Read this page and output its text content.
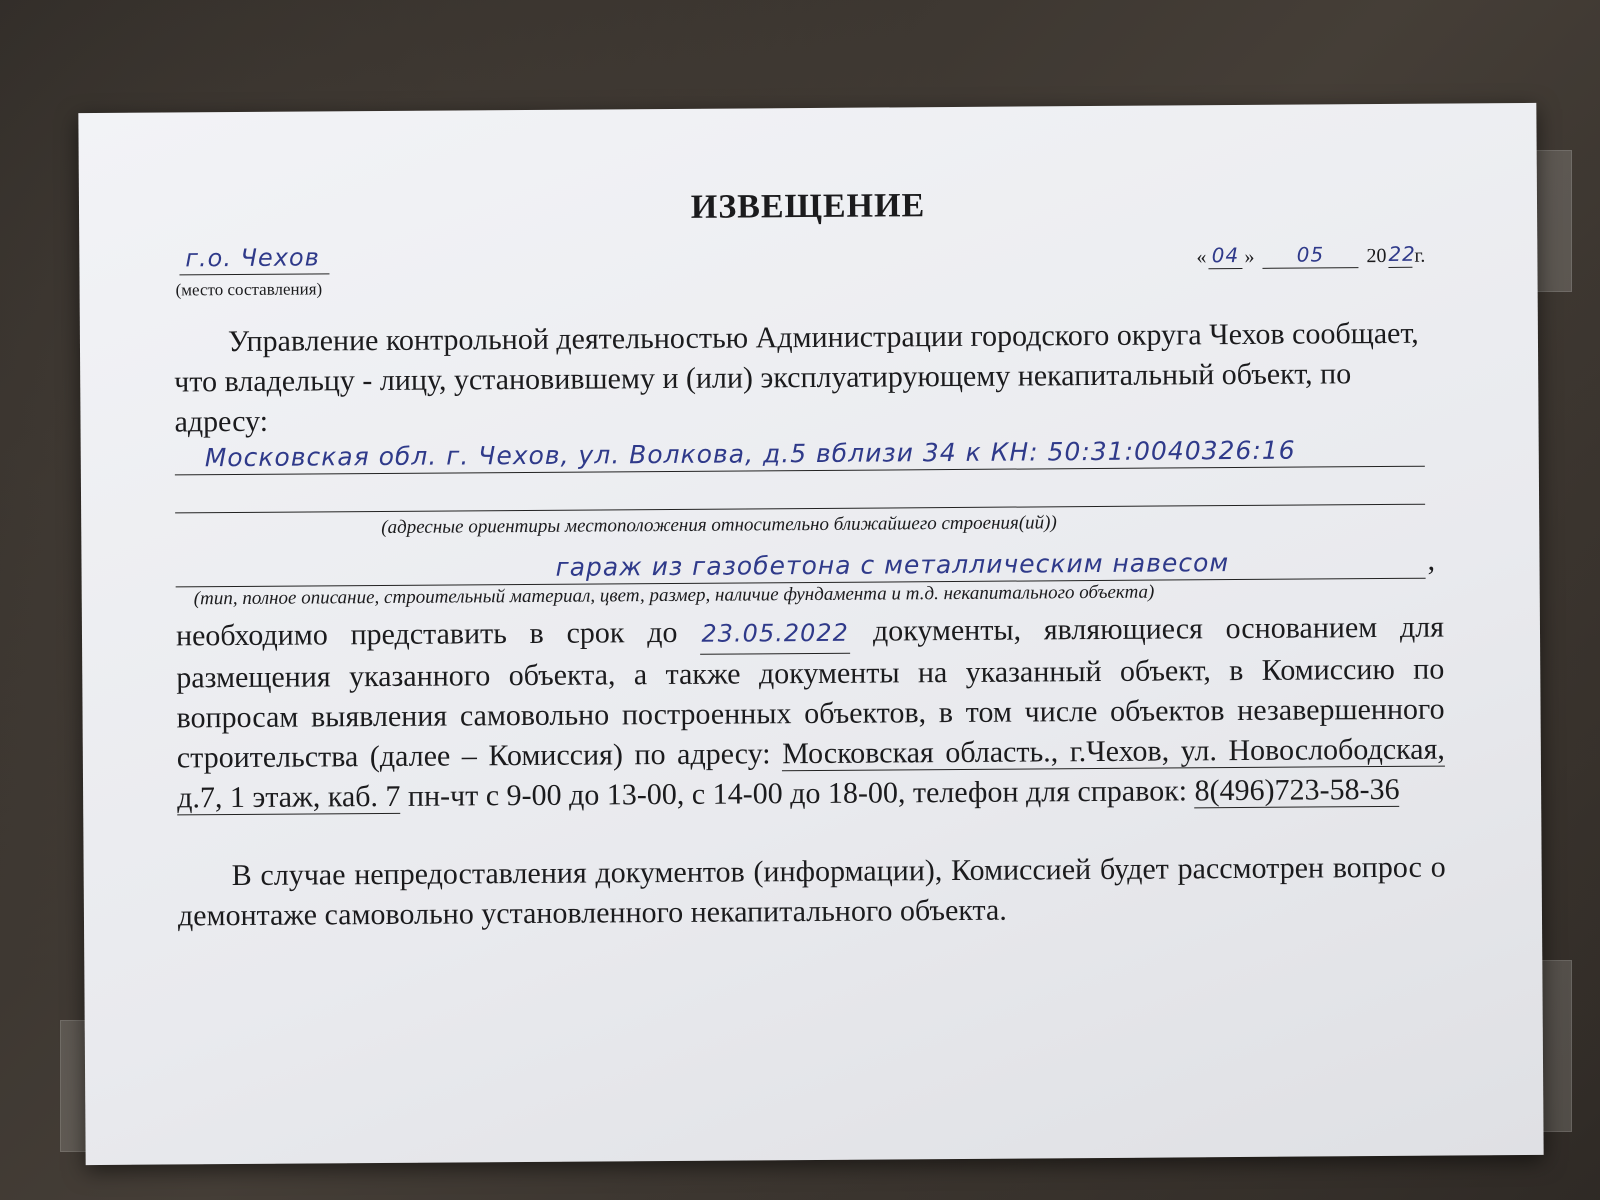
ИЗВЕЩЕНИЕ
г.о. Чехов
(место составления)
« 04 »	05	20 22
г.
Управление контрольной деятельностью Администрации городского округа Чехов сообщает, что владельцу - лицу, установившему и (или) эксплуатирующему некапитальный объект, по адресу:
Московская обл. г. Чехов, ул. Волкова, д.5 вблизи 34 к КН: 50:31:0040326:16
(адресные ориентиры местоположения относительно ближайшего строения(ий))
гараж из газобетона с металлическим навесом	,
(тип, полное описание, строительный материал, цвет, размер, наличие фундамента и т.д. некапитального объекта)
необходимо представить в срок до 23.05.2022 документы, являющиеся основанием для размещения указанного объекта, а также документы на указанный объект, в Комиссию по вопросам выявления самовольно построенных объектов, в том числе объектов незавершенного строительства (далее – Комиссия) по адресу: Московская область., г.Чехов, ул. Новослободская, д.7, 1 этаж, каб. 7 пн-чт с 9-00 до 13-00, с 14-00 до 18-00, телефон для справок: 8(496)723-58-36
В случае непредоставления документов (информации), Комиссией будет рассмотрен вопрос о демонтаже самовольно установленного некапитального объекта.
